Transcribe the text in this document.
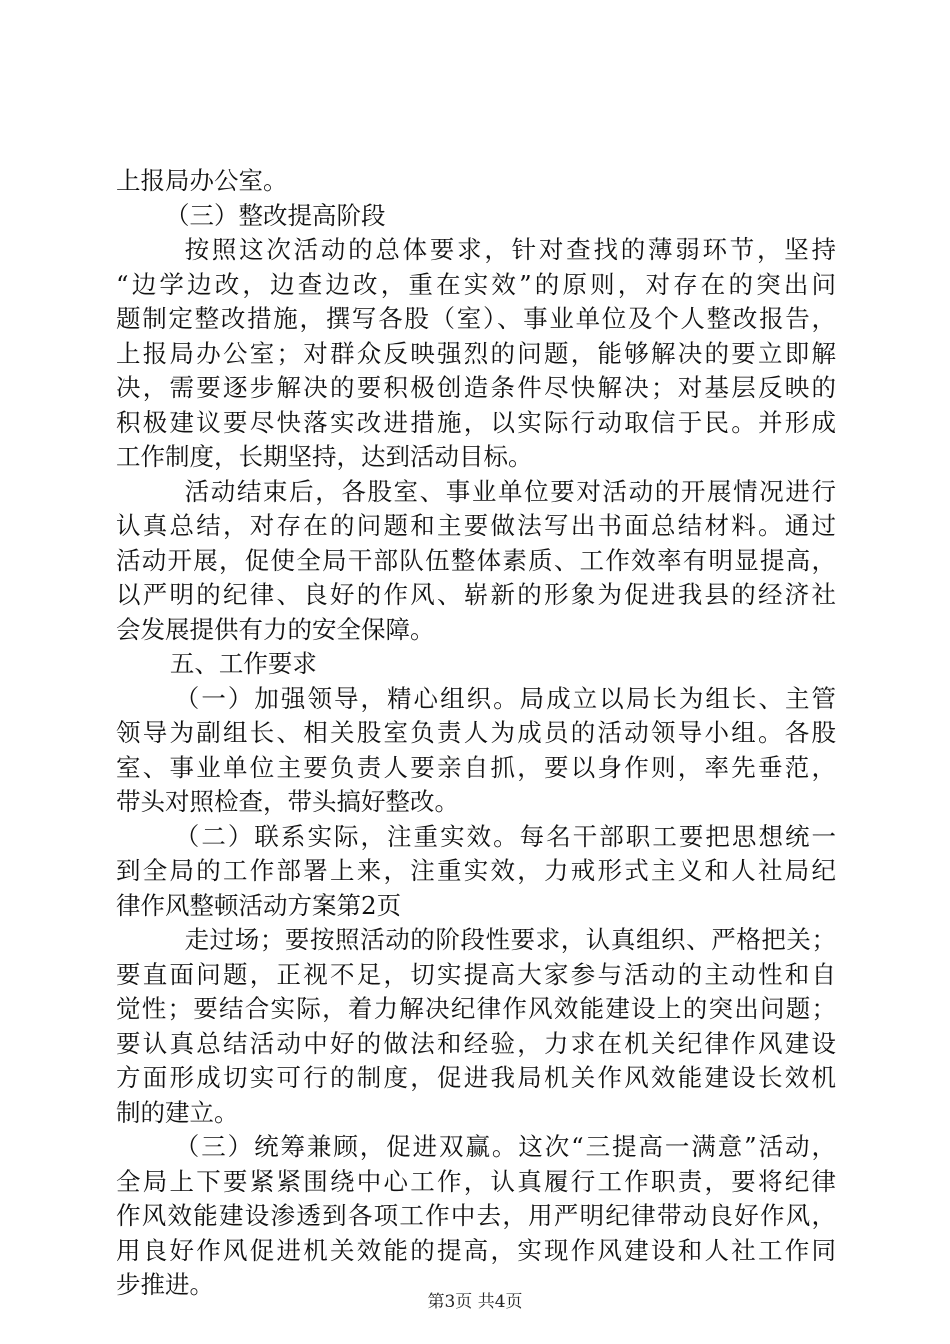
上报局办公室。
（三）整改提高阶段
按照这次活动的总体要求，针对查找的薄弱环节，坚持
“边学边改，边查边改，重在实效”的原则，对存在的突出问
题制定整改措施，撰写各股（室）、事业单位及个人整改报告，
上报局办公室；对群众反映强烈的问题，能够解决的要立即解
决，需要逐步解决的要积极创造条件尽快解决；对基层反映的
积极建议要尽快落实改进措施，以实际行动取信于民。并形成
工作制度，长期坚持，达到活动目标。
活动结束后，各股室、事业单位要对活动的开展情况进行
认真总结，对存在的问题和主要做法写出书面总结材料。通过
活动开展，促使全局干部队伍整体素质、工作效率有明显提高，
以严明的纪律、良好的作风、崭新的形象为促进我县的经济社
会发展提供有力的安全保障。
五、工作要求
（一）加强领导，精心组织。局成立以局长为组长、主管
领导为副组长、相关股室负责人为成员的活动领导小组。各股
室、事业单位主要负责人要亲自抓，要以身作则，率先垂范，
带头对照检查，带头搞好整改。
（二）联系实际，注重实效。每名干部职工要把思想统一
到全局的工作部署上来，注重实效，力戒形式主义和人社局纪
律作风整顿活动方案第2页
走过场；要按照活动的阶段性要求，认真组织、严格把关；
要直面问题，正视不足，切实提高大家参与活动的主动性和自
觉性；要结合实际，着力解决纪律作风效能建设上的突出问题；
要认真总结活动中好的做法和经验，力求在机关纪律作风建设
方面形成切实可行的制度，促进我局机关作风效能建设长效机
制的建立。
（三）统筹兼顾，促进双赢。这次“三提高一满意”活动，
全局上下要紧紧围绕中心工作，认真履行工作职责，要将纪律
作风效能建设渗透到各项工作中去，用严明纪律带动良好作风，
用良好作风促进机关效能的提高，实现作风建设和人社工作同
步推进。
第3页 共4页
